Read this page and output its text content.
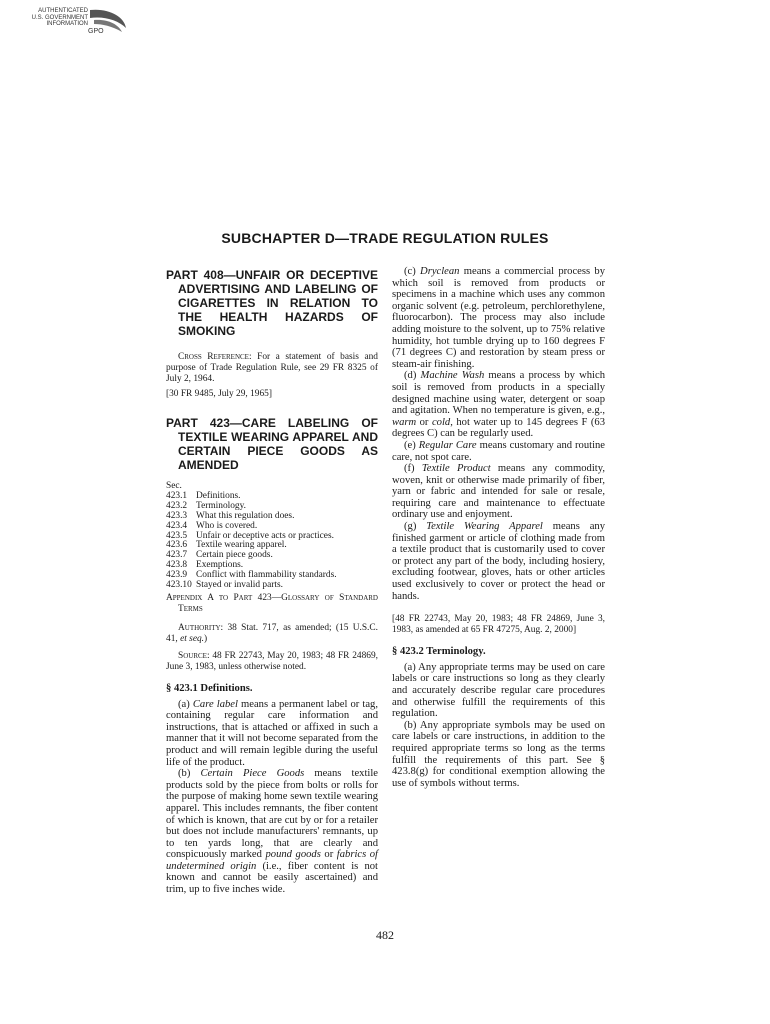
AUTHENTICATED
U.S. GOVERNMENT
INFORMATION
GPO
SUBCHAPTER D—TRADE REGULATION RULES
PART 408—UNFAIR OR DECEPTIVE ADVERTISING AND LABELING OF CIGARETTES IN RELATION TO THE HEALTH HAZARDS OF SMOKING
Cross Reference: For a statement of basis and purpose of Trade Regulation Rule, see 29 FR 8325 of July 2, 1964.
[30 FR 9485, July 29, 1965]
PART 423—CARE LABELING OF TEXTILE WEARING APPAREL AND CERTAIN PIECE GOODS AS AMENDED
Sec.
423.1 Definitions.
423.2 Terminology.
423.3 What this regulation does.
423.4 Who is covered.
423.5 Unfair or deceptive acts or practices.
423.6 Textile wearing apparel.
423.7 Certain piece goods.
423.8 Exemptions.
423.9 Conflict with flammability standards.
423.10 Stayed or invalid parts.
Appendix A to Part 423—Glossary of Standard Terms
Authority: 38 Stat. 717, as amended; (15 U.S.C. 41, et seq.)
Source: 48 FR 22743, May 20, 1983; 48 FR 24869, June 3, 1983, unless otherwise noted.
§ 423.1 Definitions.

(a) Care label means a permanent label or tag, containing regular care information and instructions, that is attached or affixed in such a manner that it will not become separated from the product and will remain legible during the useful life of the product.

(b) Certain Piece Goods means textile products sold by the piece from bolts or rolls for the purpose of making home sewn textile wearing apparel. This includes remnants, the fiber content of which is known, that are cut by or for a retailer but does not include manufacturers' remnants, up to ten yards long, that are clearly and conspicuously marked pound goods or fabrics of undetermined origin (i.e., fiber content is not known and cannot be easily ascertained) and trim, up to five inches wide.

(c) Dryclean means a commercial process by which soil is removed from products or specimens in a machine which uses any common organic solvent (e.g. petroleum, perchlorethylene, fluorocarbon). The process may also include adding moisture to the solvent, up to 75% relative humidity, hot tumble drying up to 160 degrees F (71 degrees C) and restoration by steam press or steam-air finishing.

(d) Machine Wash means a process by which soil is removed from products in a specially designed machine using water, detergent or soap and agitation. When no temperature is given, e.g., warm or cold, hot water up to 145 degrees F (63 degrees C) can be regularly used.

(e) Regular Care means customary and routine care, not spot care.

(f) Textile Product means any commodity, woven, knit or otherwise made primarily of fiber, yarn or fabric and intended for sale or resale, requiring care and maintenance to effectuate ordinary use and enjoyment.

(g) Textile Wearing Apparel means any finished garment or article of clothing made from a textile product that is customarily used to cover or protect any part of the body, including hosiery, excluding footwear, gloves, hats or other articles used exclusively to cover or protect the head or hands.

[48 FR 22743, May 20, 1983; 48 FR 24869, June 3, 1983, as amended at 65 FR 47275, Aug. 2, 2000]
§ 423.2 Terminology.

(a) Any appropriate terms may be used on care labels or care instructions so long as they clearly and accurately describe regular care procedures and otherwise fulfill the requirements of this regulation.

(b) Any appropriate symbols may be used on care labels or care instructions, in addition to the required appropriate terms so long as the terms fulfill the requirements of this part. See § 423.8(g) for conditional exemption allowing the use of symbols without terms.

482
